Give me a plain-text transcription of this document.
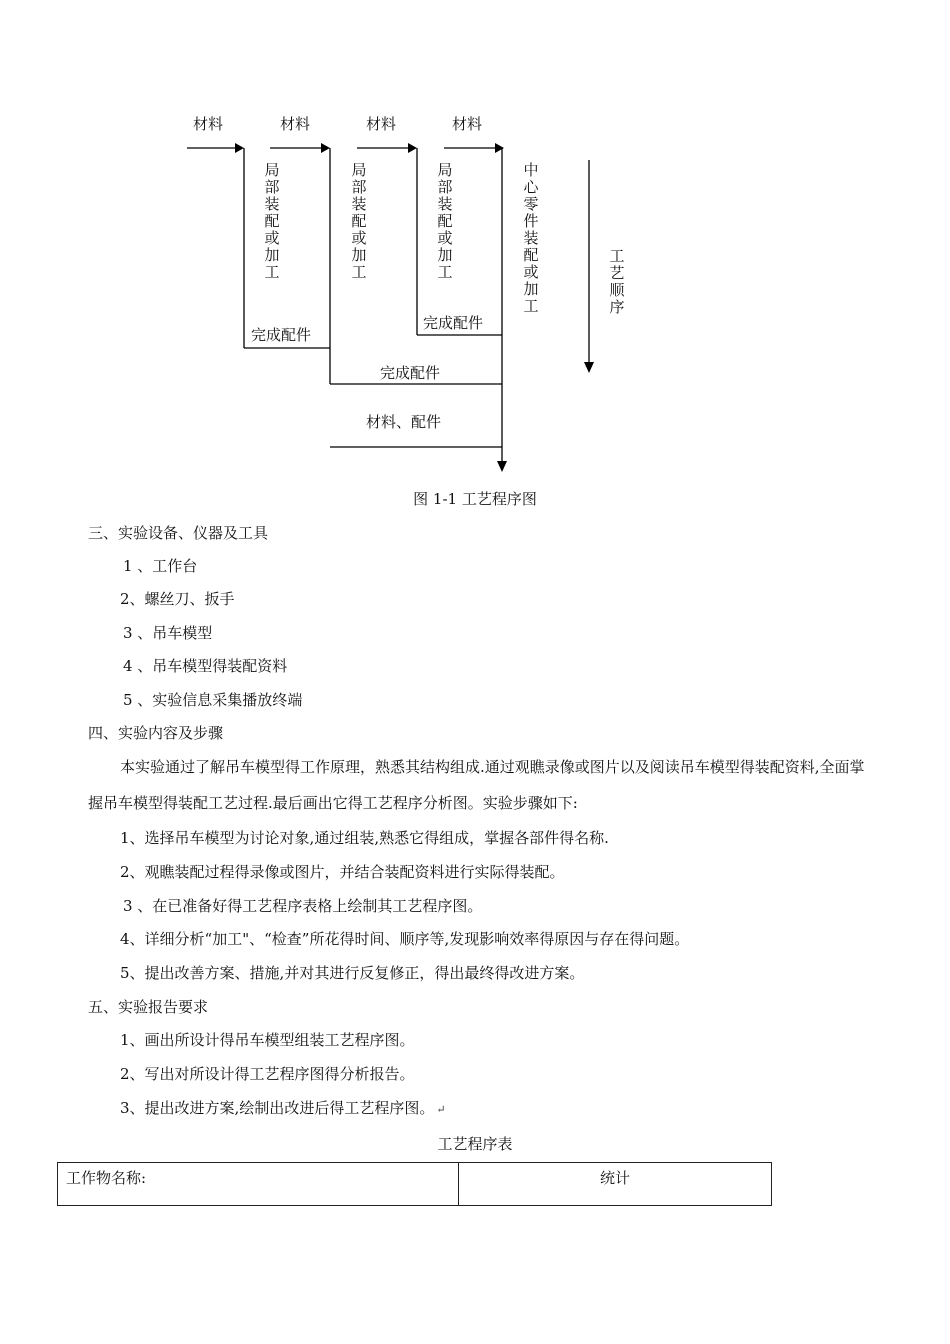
材料	材料	材料	材料
局部装配或加工
局部装配或加工
局部装配或加工
中心零件装配或加工
工艺顺序
完成配件
完成配件
完成配件
材料、配件
图 1-1 工艺程序图
三、实验设备、仪器及工具
1 、工作台
2、螺丝刀、扳手
3 、吊车模型
4 、吊车模型得装配资料
5 、实验信息采集播放终端
四、实验内容及步骤
本实验通过了解吊车模型得工作原理，熟悉其结构组成.通过观瞧录像或图片以及阅读吊车模型得装配资料,全面掌握吊车模型得装配工艺过程.最后画出它得工艺程序分析图。实验步骤如下:
1、选择吊车模型为讨论对象,通过组装,熟悉它得组成，掌握各部件得名称.
2、观瞧装配过程得录像或图片，并结合装配资料进行实际得装配。
3 、在已准备好得工艺程序表格上绘制其工艺程序图。
4、详细分析“加工"、“检查”所花得时间、顺序等,发现影响效率得原因与存在得问题。
5、提出改善方案、措施,并对其进行反复修正，得出最终得改进方案。
五、实验报告要求
1、画出所设计得吊车模型组装工艺程序图。
2、写出对所设计得工艺程序图得分析报告。
3、提出改进方案,绘制出改进后得工艺程序图。 ↵
工艺程序表
工作物名称:	统计
